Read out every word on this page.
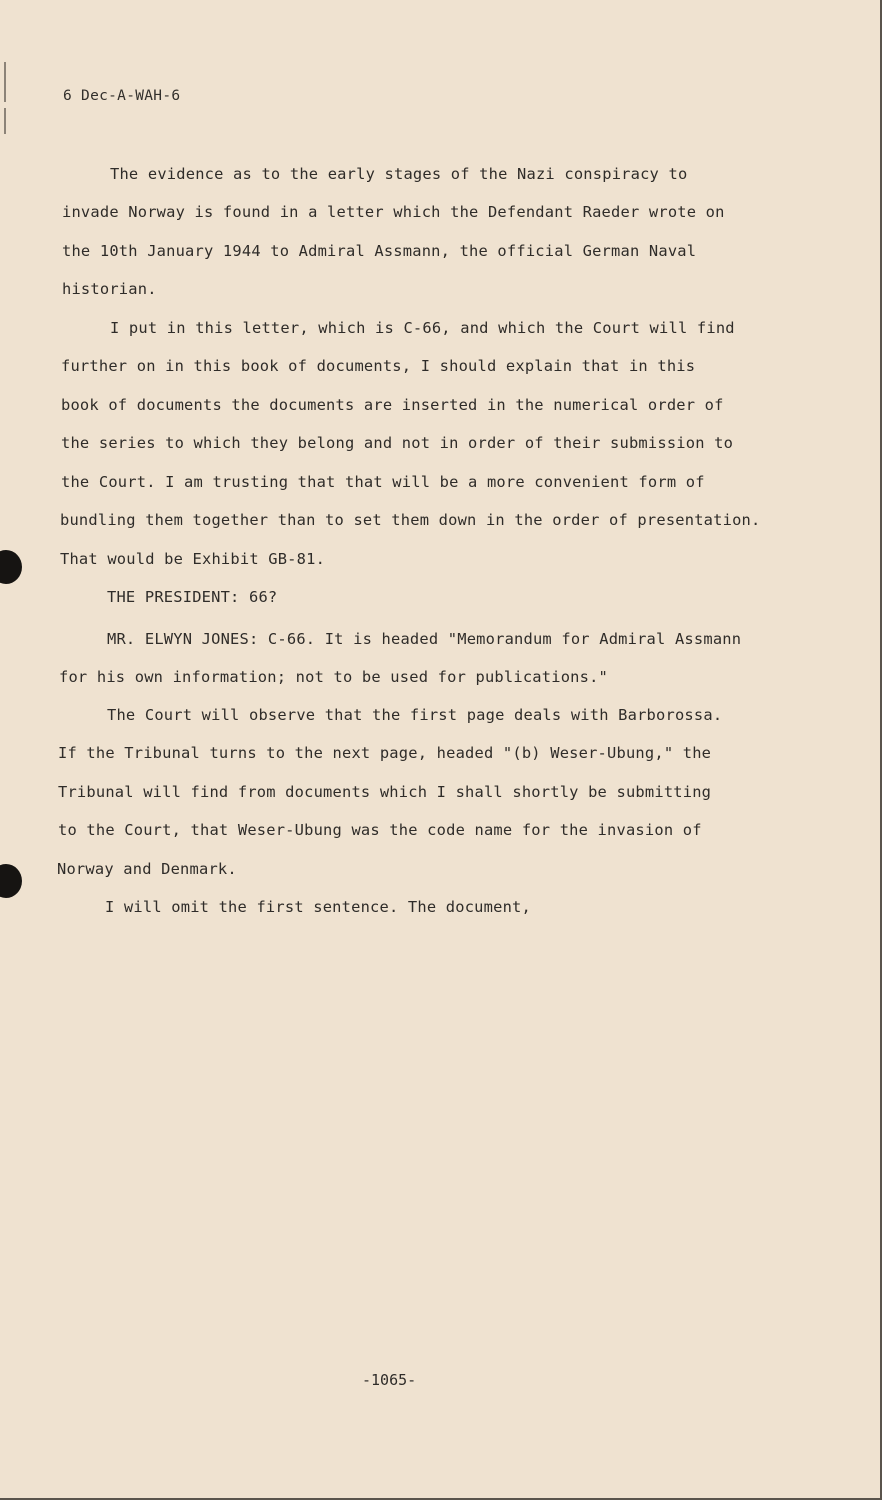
6 Dec-A-WAH-6
The evidence as to the early stages of the Nazi conspiracy to
invade Norway is found in a letter which the Defendant Raeder wrote on
the 10th January 1944 to Admiral Assmann, the official German Naval
historian.
I put in this letter, which is C-66, and which the Court will find
further on in this book of documents, I should explain that in this
book of documents the documents are inserted in the numerical order of
the series to which they belong and not in order of their submission to
the Court. I am trusting that that will be a more convenient form of
bundling them together than to set them down in the order of presentation.
That would be Exhibit GB-81.
THE PRESIDENT: 66?
MR. ELWYN JONES: C-66. It is headed "Memorandum for Admiral Assmann
for his own information; not to be used for publications."
The Court will observe that the first page deals with Barborossa.
If the Tribunal turns to the next page, headed "(b) Weser-Ubung," the
Tribunal will find from documents which I shall shortly be submitting
to the Court, that Weser-Ubung was the code name for the invasion of
Norway and Denmark.
I will omit the first sentence. The document,
-1065-
